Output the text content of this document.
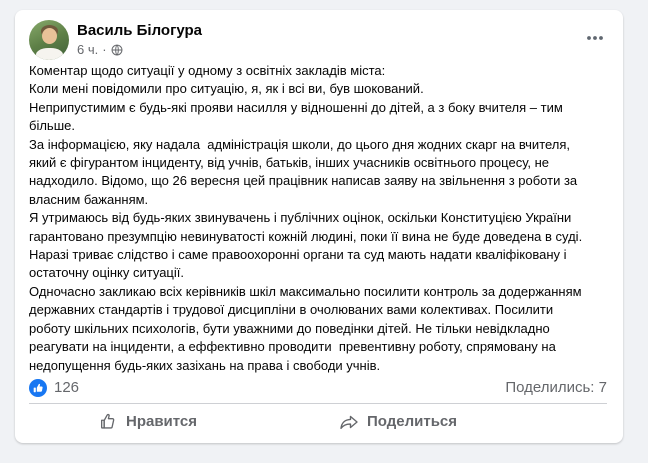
Василь Білогура
6 ч. ·
Коментар щодо ситуації у одному з освітніх закладів міста:
Коли мені повідомили про ситуацію, я, як і всі ви, був шокований.
Неприпустимим є будь-які прояви насилля у відношенні до дітей, а з боку вчителя – тим більше.
За інформацією, яку надала  адміністрація школи, до цього дня жодних скарг на вчителя, який є фігурантом інциденту, від учнів, батьків, інших учасників освітнього процесу, не надходило. Відомо, що 26 вересня цей працівник написав заяву на звільнення з роботи за власним бажанням.
Я утримаюсь від будь-яких звинувачень і публічних оцінок, оскільки Конституцією України гарантовано презумпцію невинуватості кожній людині, поки її вина не буде доведена в суді.
Наразі триває слідство і саме правоохоронні органи та суд мають надати кваліфіковану і остаточну оцінку ситуації.
Одночасно закликаю всіх керівників шкіл максимально посилити контроль за додержанням державних стандартів і трудової дисципліни в очолюваних вами колективах. Посилити роботу шкільних психологів, бути уважними до поведінки дітей. Не тільки невідкладно реагувати на інциденти, а еффективно проводити  превентивну роботу, спрямовану на недопущення будь-яких зазіхань на права і свободи учнів.
126	Поделились: 7
Нравится	Поделиться
